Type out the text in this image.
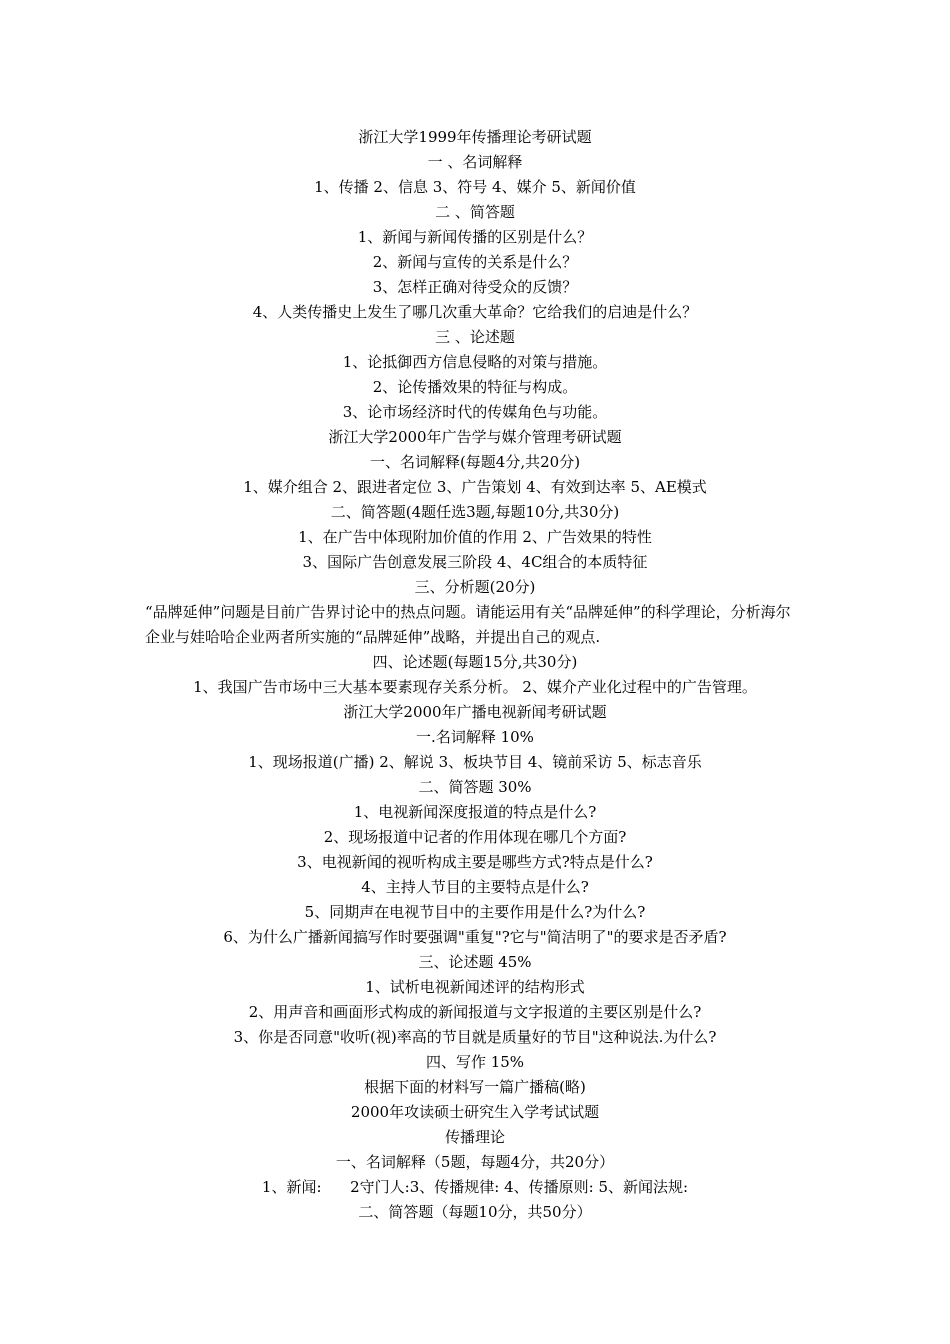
浙江大学1999年传播理论考研试题
一 、名词解释
1、传播 2、信息 3、符号 4、媒介 5、新闻价值
二 、简答题
1、新闻与新闻传播的区别是什么？
2、新闻与宣传的关系是什么？
3、怎样正确对待受众的反馈？
4、人类传播史上发生了哪几次重大革命？它给我们的启迪是什么？
三 、论述题
1、论抵御西方信息侵略的对策与措施。
2、论传播效果的特征与构成。
3、论市场经济时代的传媒角色与功能。
浙江大学2000年广告学与媒介管理考研试题
一、名词解释(每题4分,共20分)
1、媒介组合 2、跟进者定位 3、广告策划 4、有效到达率 5、AE模式
二、简答题(4题任选3题,每题10分,共30分)
1、在广告中体现附加价值的作用 2、广告效果的特性
3、国际广告创意发展三阶段 4、4C组合的本质特征
三、分析题(20分)
“品牌延伸”问题是目前广告界讨论中的热点问题。请能运用有关“品牌延伸”的科学理论，分析海尔企业与娃哈哈企业两者所实施的“品牌延伸”战略，并提出自己的观点.
四、论述题(每题15分,共30分)
1、我国广告市场中三大基本要素现存关系分析。 2、媒介产业化过程中的广告管理。
浙江大学2000年广播电视新闻考研试题
一.名词解释 10%
1、现场报道(广播) 2、解说 3、板块节目 4、镜前采访 5、标志音乐
二、简答题 30%
1、电视新闻深度报道的特点是什么?
2、现场报道中记者的作用体现在哪几个方面?
3、电视新闻的视听构成主要是哪些方式?特点是什么?
4、主持人节目的主要特点是什么?
5、同期声在电视节目中的主要作用是什么?为什么?
6、为什么广播新闻搞写作时要强调"重复"?它与"简洁明了"的要求是否矛盾?
三、论述题 45%
1、试析电视新闻述评的结构形式
2、用声音和画面形式构成的新闻报道与文字报道的主要区别是什么?
3、你是否同意"收听(视)率高的节目就是质量好的节目"这种说法.为什么?
四、写作 15%
根据下面的材料写一篇广播稿(略)
2000年攻读硕士研究生入学考试试题
传播理论
一、名词解释（5题，每题4分，共20分）
1、新闻:      2守门人:3、传播规律: 4、传播原则: 5、新闻法规:
二、简答题（每题10分，共50分）
